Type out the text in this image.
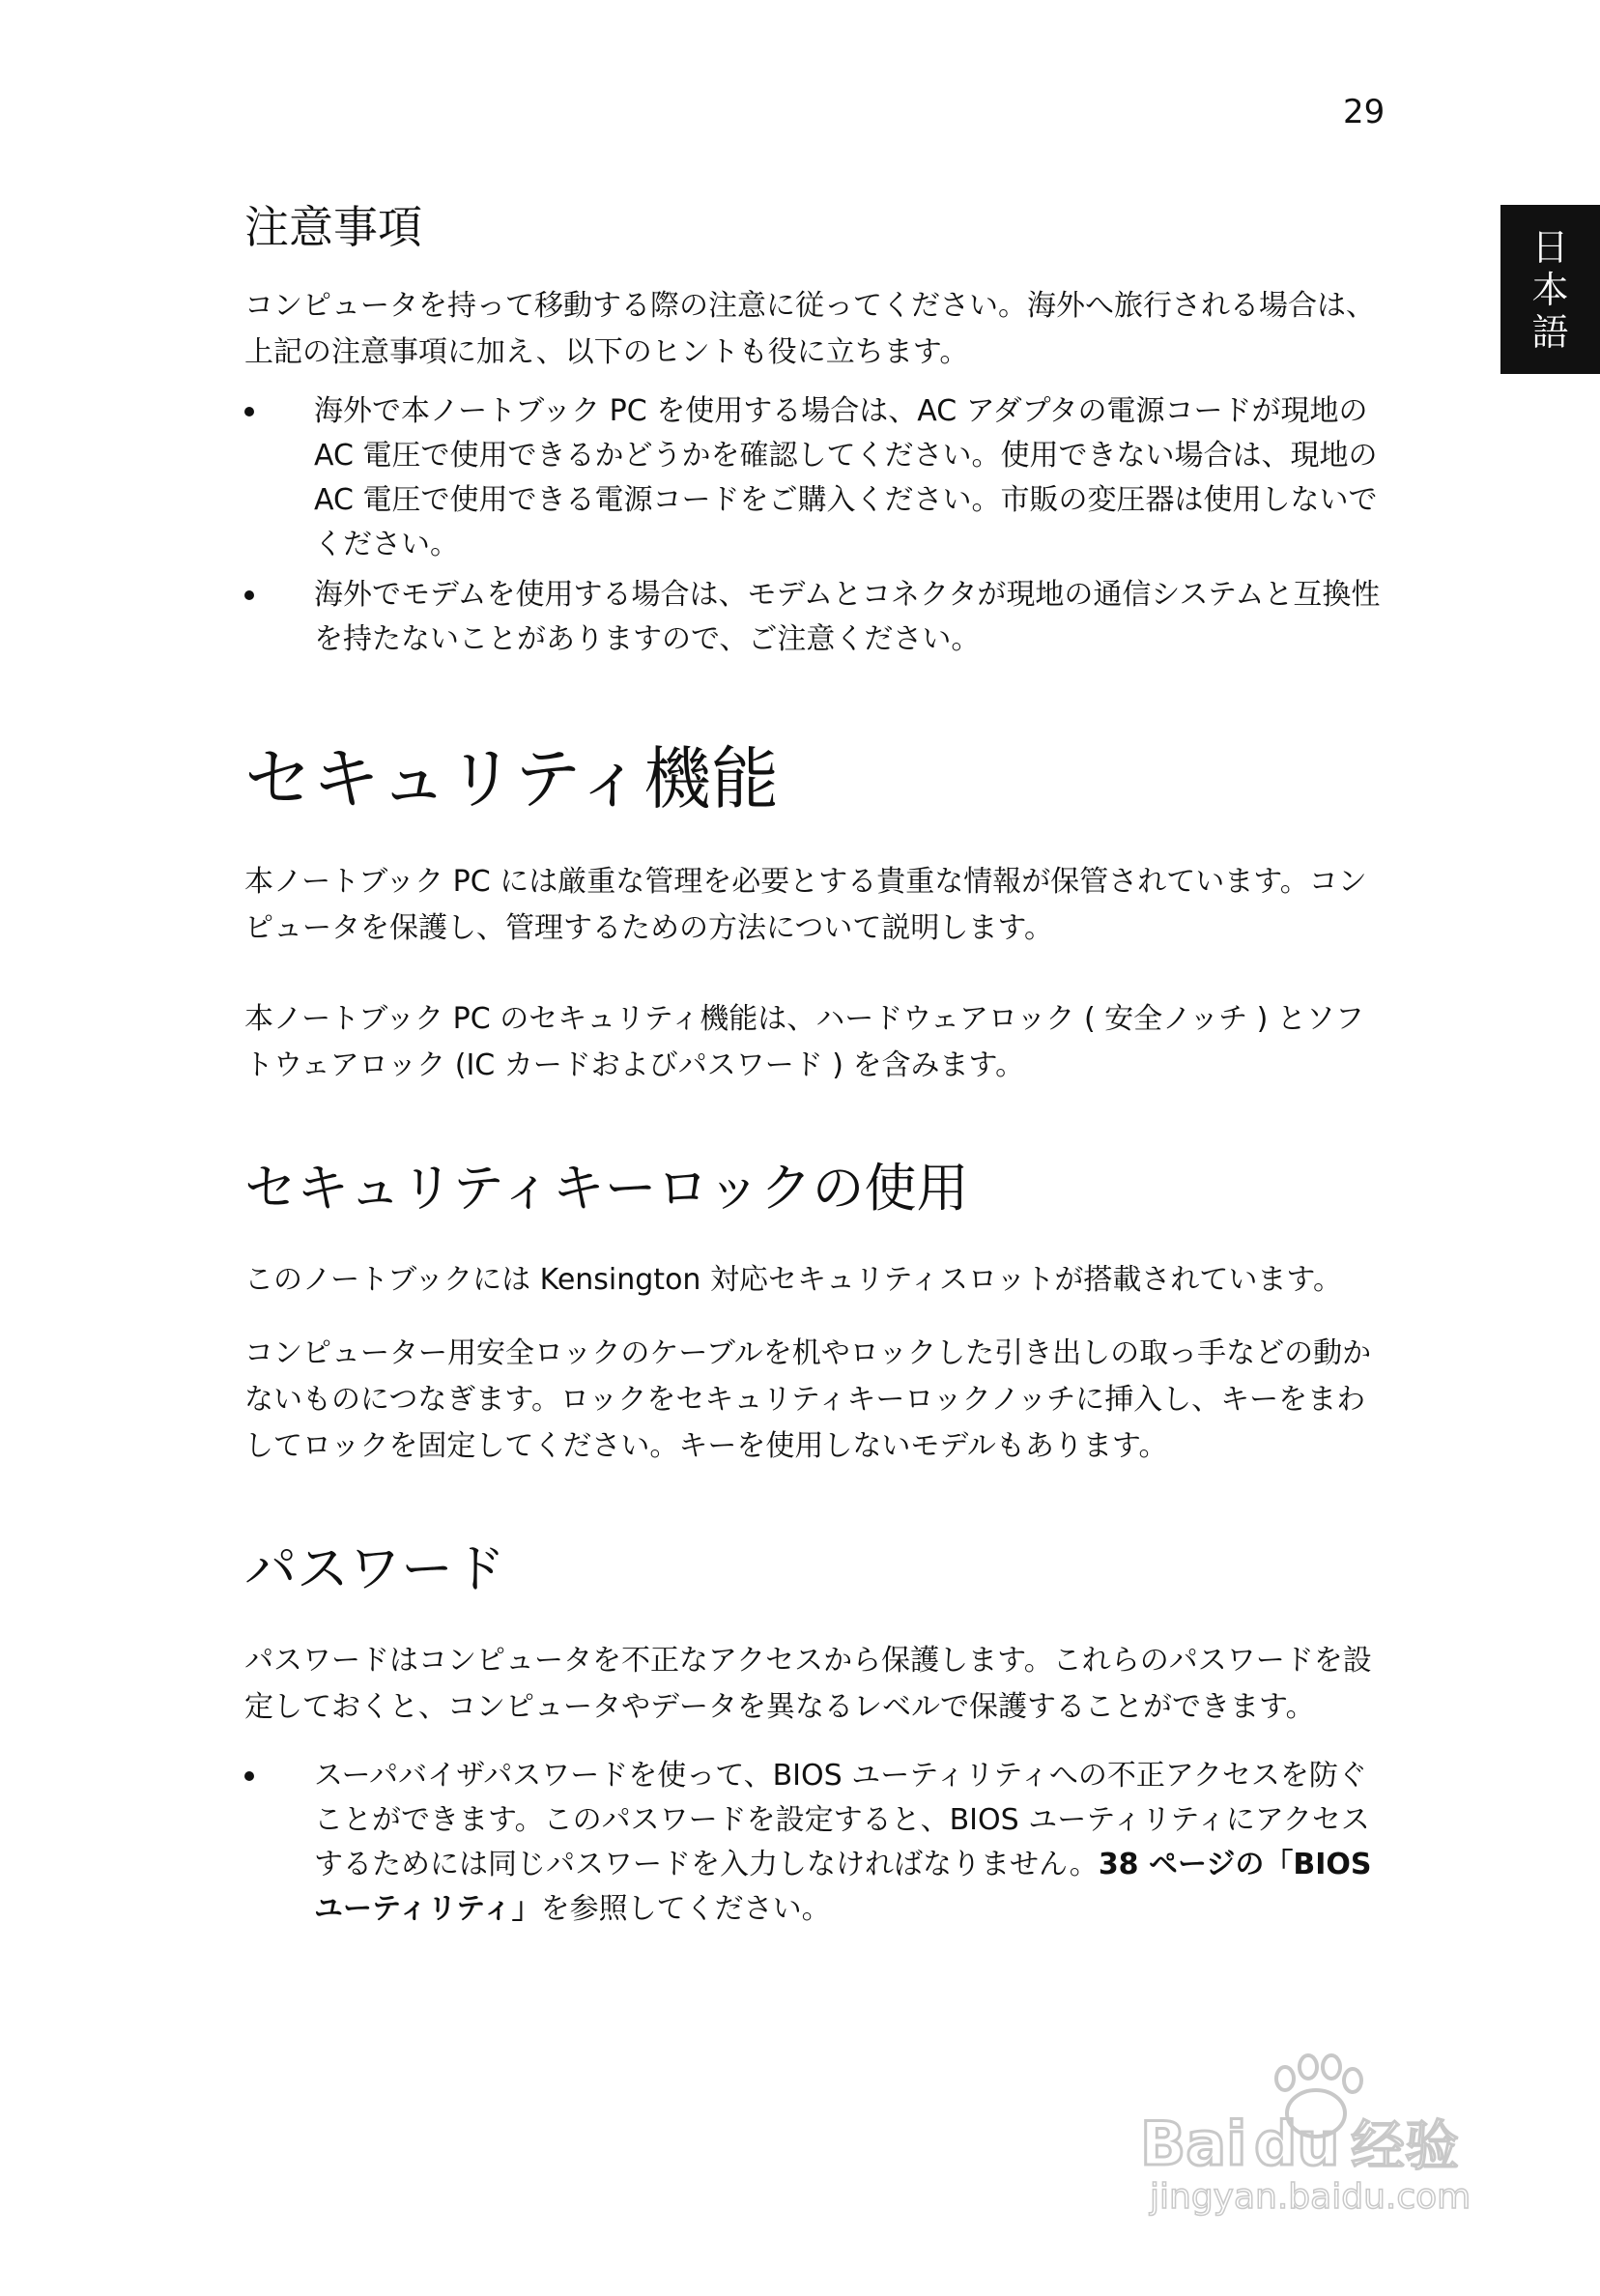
29
日
本
語
注意事項

コンピュータを持って移動する際の注意に従ってください。海外へ旅行される場合は、上記の注意事項に加え、以下のヒントも役に立ちます。

海外で本ノートブック PC を使用する場合は、AC アダプタの電源コードが現地の AC 電圧で使用できるかどうかを確認してください。使用できない場合は、現地の AC 電圧で使用できる電源コードをご購入ください。市販の変圧器は使用しないでください。
海外でモデムを使用する場合は、モデムとコネクタが現地の通信システムと互換性を持たないことがありますので、ご注意ください。
セキュリティ機能

本ノートブック PC には厳重な管理を必要とする貴重な情報が保管されています。コンピュータを保護し、管理するための方法について説明します。

本ノートブック PC のセキュリティ機能は、ハードウェアロック ( 安全ノッチ ) とソフトウェアロック (IC カードおよびパスワード ) を含みます。

セキュリティキーロックの使用

このノートブックには Kensington 対応セキュリティスロットが搭載されています。

コンピューター用安全ロックのケーブルを机やロックした引き出しの取っ手などの動かないものにつなぎます。ロックをセキュリティキーロックノッチに挿入し、キーをまわしてロックを固定してください。キーを使用しないモデルもあります。

パスワード

パスワードはコンピュータを不正なアクセスから保護します。これらのパスワードを設定しておくと、コンピュータやデータを異なるレベルで保護することができます。

スーパバイザパスワードを使って、BIOS ユーティリティへの不正アクセスを防ぐことができます。このパスワードを設定すると、BIOS ユーティリティにアクセスするためには同じパスワードを入力しなければなりません。38 ページの「BIOS ユーティリティ」を参照してください。
Bai du 经验
jingyan.baidu.com
